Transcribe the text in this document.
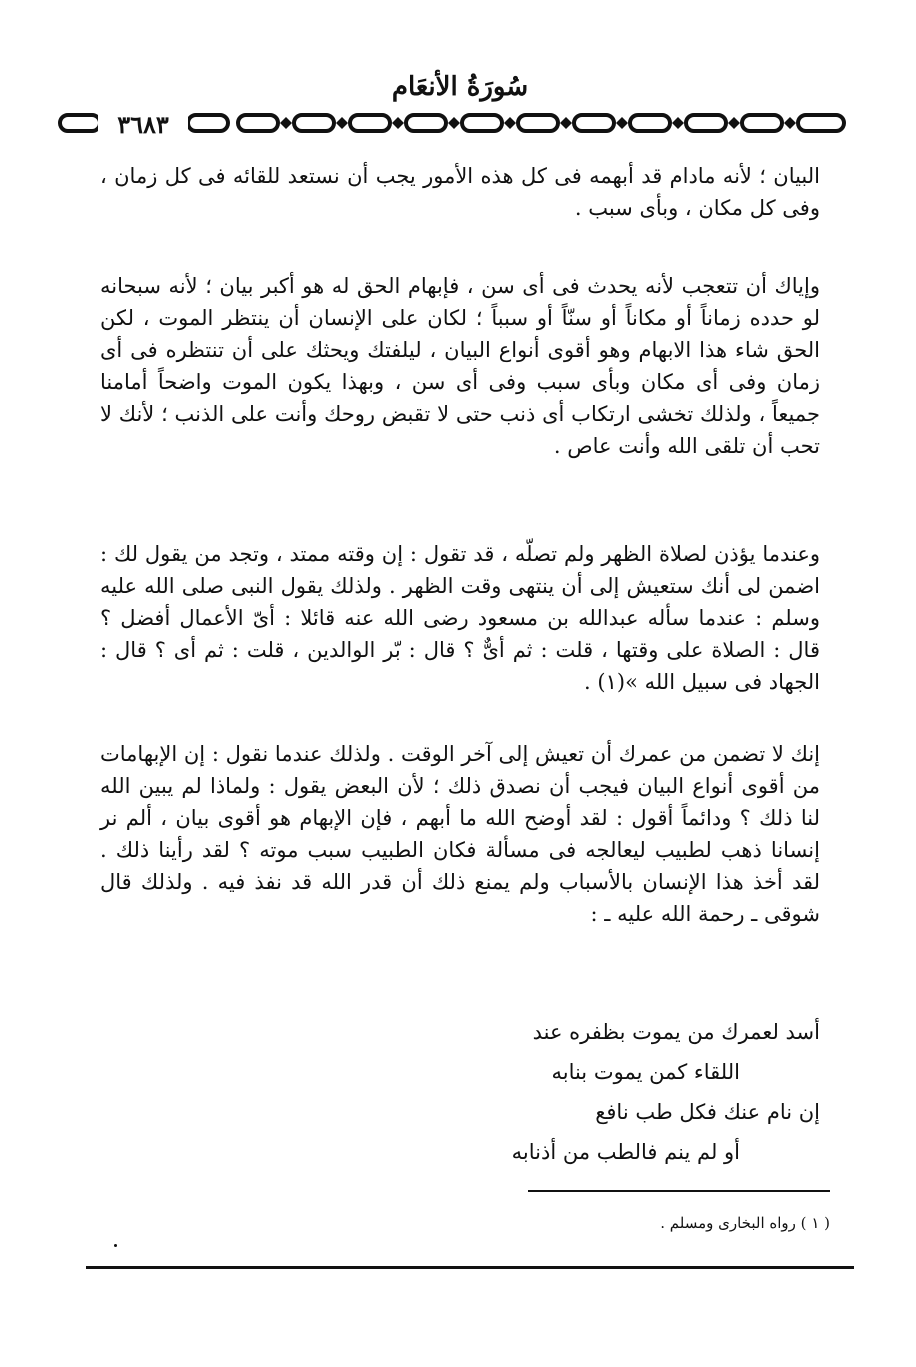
سُورَةُ الأنعَام
٣٦٨٣

البيان ؛ لأنه مادام قد أبهمه فى كل هذه الأمور يجب أن نستعد للقائه فى كل زمان ، وفى كل مكان ، وبأى سبب .

وإياك أن تتعجب لأنه يحدث فى أى سن ، فإبهام الحق له هو أكبر بيان ؛ لأنه سبحانه لو حدده زماناً أو مكاناً أو سنّاً أو سبباً ؛ لكان على الإنسان أن ينتظر الموت ، لكن الحق شاء هذا الابهام وهو أقوى أنواع البيان ، ليلفتك ويحثك على أن تنتظره فى أى زمان وفى أى مكان وبأى سبب وفى أى سن ، وبهذا يكون الموت واضحاً أمامنا جميعاً ، ولذلك تخشى ارتكاب أى ذنب حتى لا تقبض روحك وأنت على الذنب ؛ لأنك لا تحب أن تلقى الله وأنت عاص .

وعندما يؤذن لصلاة الظهر ولم تصلّه ، قد تقول : إن وقته ممتد ، وتجد من يقول لك : اضمن لى أنك ستعيش إلى أن ينتهى وقت الظهر . ولذلك يقول النبى صلى الله عليه وسلم : عندما سأله عبدالله بن مسعود رضى الله عنه قائلا : أىّ الأعمال أفضل ؟ قال : الصلاة على وقتها ، قلت : ثم أىٌّ ؟ قال : بّر الوالدين ، قلت : ثم أى ؟ قال : الجهاد فى سبيل الله »(١) .

إنك لا تضمن من عمرك أن تعيش إلى آخر الوقت . ولذلك عندما نقول : إن الإبهامات من أقوى أنواع البيان فيجب أن نصدق ذلك ؛ لأن البعض يقول : ولماذا لم يبين الله لنا ذلك ؟ ودائماً أقول : لقد أوضح الله ما أبهم ، فإن الإبهام هو أقوى بيان ، ألم نر إنسانا ذهب لطبيب ليعالجه فى مسألة فكان الطبيب سبب موته ؟ لقد رأينا ذلك . لقد أخذ هذا الإنسان بالأسباب ولم يمنع ذلك أن قدر الله قد نفذ فيه . ولذلك قال شوقى ـ رحمة الله عليه ـ :

أسد لعمرك من يموت بظفره عند
اللقاء كمن يموت بنابه
إن نام عنك فكل طب نافع
أو لم ينم فالطب من أذنابه
( ١ ) رواه البخارى ومسلم .
